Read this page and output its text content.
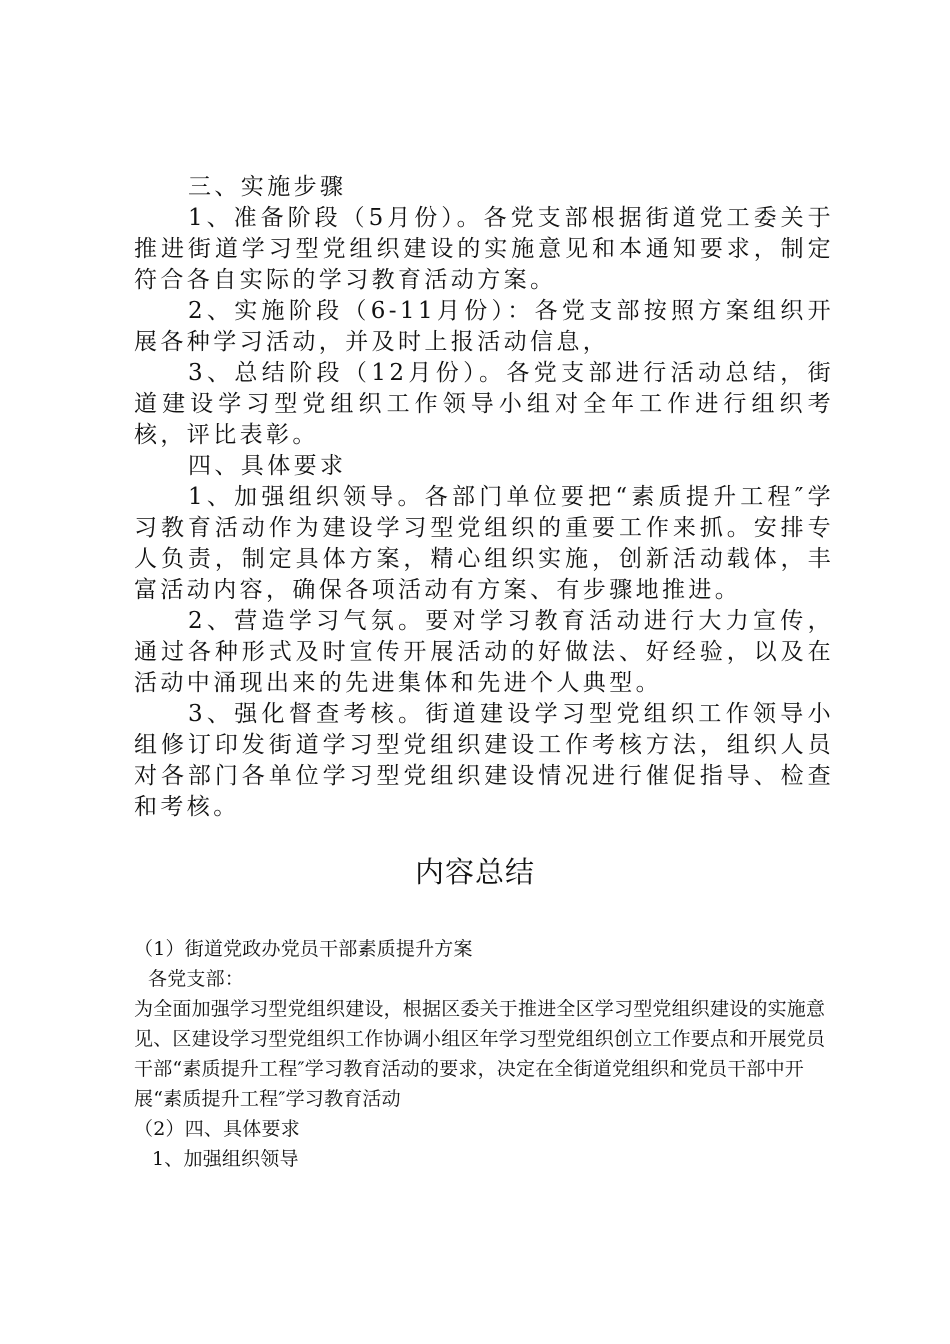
三、实施步骤

1、准备阶段（5月份）。各党支部根据街道党工委关于推进街道学习型党组织建设的实施意见和本通知要求，制定符合各自实际的学习教育活动方案。

2、实施阶段（6-11月份）：各党支部按照方案组织开展各种学习活动，并及时上报活动信息，

3、总结阶段（12月份）。各党支部进行活动总结，街道建设学习型党组织工作领导小组对全年工作进行组织考核，评比表彰。

四、具体要求

1、加强组织领导。各部门单位要把“素质提升工程″学习教育活动作为建设学习型党组织的重要工作来抓。安排专人负责，制定具体方案，精心组织实施，创新活动载体，丰富活动内容，确保各项活动有方案、有步骤地推进。

2、营造学习气氛。要对学习教育活动进行大力宣传，通过各种形式及时宣传开展活动的好做法、好经验，以及在活动中涌现出来的先进集体和先进个人典型。

3、强化督查考核。街道建设学习型党组织工作领导小组修订印发街道学习型党组织建设工作考核方法，组织人员对各部门各单位学习型党组织建设情况进行催促指导、检查和考核。

内容总结

（1）街道党政办党员干部素质提升方案

各党支部：

为全面加强学习型党组织建设，根据区委关于推进全区学习型党组织建设的实施意见、区建设学习型党组织工作协调小组区年学习型党组织创立工作要点和开展党员干部“素质提升工程″学习教育活动的要求，决定在全街道党组织和党员干部中开展“素质提升工程″学习教育活动

（2）四、具体要求

1、加强组织领导
